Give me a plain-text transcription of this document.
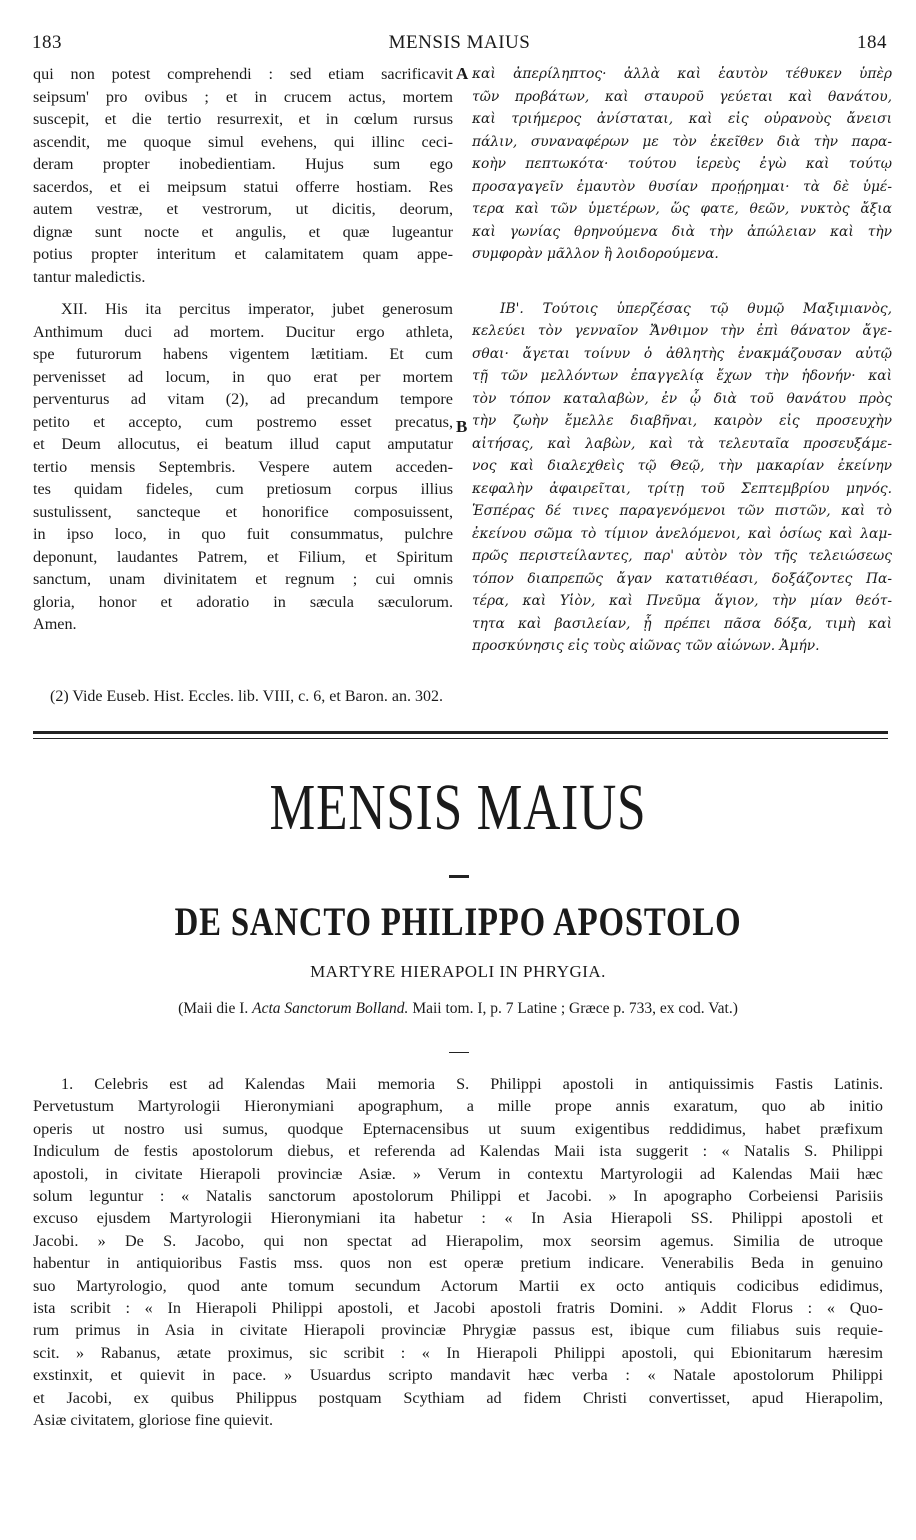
183	MENSIS MAIUS	184
qui non potest comprehendi : sed etiam sacrificavit
seipsum' pro ovibus ; et in crucem actus, mortem
suscepit, et die tertio resurrexit, et in cœlum rursus
ascendit, me quoque simul evehens, qui illinc ceci-
deram propter inobedientiam. Hujus sum ego
sacerdos, et ei meipsum statui offerre hostiam. Res
autem vestræ, et vestrorum, ut dicitis, deorum,
dignæ sunt nocte et angulis, et quæ lugeantur
potius propter interitum et calamitatem quam appe-
tantur maledictis.
XII. His ita percitus imperator, jubet generosum
Anthimum duci ad mortem. Ducitur ergo athleta,
spe futurorum habens vigentem lætitiam. Et cum
pervenisset ad locum, in quo erat per mortem
perventurus ad vitam (2), ad precandum tempore
petito et accepto, cum postremo esset precatus,
et Deum allocutus, ei beatum illud caput amputatur
tertio mensis Septembris. Vespere autem acceden-
tes quidam fideles, cum pretiosum corpus illius
sustulissent, sancteque et honorifice composuissent,
in ipso loco, in quo fuit consummatus, pulchre
deponunt, laudantes Patrem, et Filium, et Spiritum
sanctum, unam divinitatem et regnum ; cui omnis
gloria, honor et adoratio in sæcula sæculorum.
Amen.
A
B
καὶ ἀπερίληπτος· ἀλλὰ καὶ ἑαυτὸν τέθυκεν ὑπὲρ
τῶν προβάτων, καὶ σταυροῦ γεύεται καὶ θανάτου,
καὶ τριήμερος ἀνίσταται, καὶ εἰς οὐρανοὺς ἄνεισι
πάλιν, συναναφέρων με τὸν ἐκεῖθεν διὰ τὴν παρα-
κοὴν πεπτωκότα· τούτου ἱερεὺς ἐγὼ καὶ τούτῳ
προσαγαγεῖν ἐμαυτὸν θυσίαν προῄρημαι· τὰ δὲ ὑμέ-
τερα καὶ τῶν ὑμετέρων, ὥς φατε, θεῶν, νυκτὸς ἄξια
καὶ γωνίας θρηνούμενα διὰ τὴν ἀπώλειαν καὶ τὴν
συμφορὰν μᾶλλον ἢ λοιδορούμενα.
ΙΒ'. Τούτοις ὑπερζέσας τῷ θυμῷ Μαξιμιανὸς,
κελεύει τὸν γενναῖον Ἄνθιμον τὴν ἐπὶ θάνατον ἄγε-
σθαι· ἄγεται τοίνυν ὁ ἀθλητὴς ἐνακμάζουσαν αὐτῷ
τῇ τῶν μελλόντων ἐπαγγελίᾳ ἔχων τὴν ἡδονήν· καὶ
τὸν τόπον καταλαβὼν, ἐν ᾧ διὰ τοῦ θανάτου πρὸς
τὴν ζωὴν ἔμελλε διαβῆναι, καιρὸν εἰς προσευχὴν
αἰτήσας, καὶ λαβὼν, καὶ τὰ τελευταῖα προσευξάμε-
νος καὶ διαλεχθεὶς τῷ Θεῷ, τὴν μακαρίαν ἐκείνην
κεφαλὴν ἀφαιρεῖται, τρίτῃ τοῦ Σεπτεμβρίου μηνός.
Ἑσπέρας δέ τινες παραγενόμενοι τῶν πιστῶν, καὶ τὸ
ἐκείνου σῶμα τὸ τίμιον ἀνελόμενοι, καὶ ὁσίως καὶ λαμ-
πρῶς περιστείλαντες, παρ' αὐτὸν τὸν τῆς τελειώσεως
τόπον διαπρεπῶς ἄγαν κατατιθέασι, δοξάζοντες Πα-
τέρα, καὶ Υἱὸν, καὶ Πνεῦμα ἅγιον, τὴν μίαν θεότ-
τητα καὶ βασιλείαν, ᾗ πρέπει πᾶσα δόξα, τιμὴ καὶ
προσκύνησις εἰς τοὺς αἰῶνας τῶν αἰώνων. Ἀμήν.
(2) Vide Euseb. Hist. Eccles. lib. VIII, c. 6, et Baron. an. 302.
MENSIS MAIUS
DE SANCTO PHILIPPO APOSTOLO
MARTYRE HIERAPOLI IN PHRYGIA.
(Maii die I. Acta Sanctorum Bolland. Maii tom. I, p. 7 Latine ; Græce p. 733, ex cod. Vat.)
1. Celebris est ad Kalendas Maii memoria S. Philippi apostoli in antiquissimis Fastis Latinis.
Pervetustum Martyrologii Hieronymiani apographum, a mille prope annis exaratum, quo ab initio
operis ut nostro usi sumus, quodque Epternacensibus ut suum exigentibus reddidimus, habet præfixum
Indiculum de festis apostolorum diebus, et referenda ad Kalendas Maii ista suggerit : « Natalis S. Philippi
apostoli, in civitate Hierapoli provinciæ Asiæ. » Verum in contextu Martyrologii ad Kalendas Maii hæc
solum leguntur : « Natalis sanctorum apostolorum Philippi et Jacobi. » In apographo Corbeiensi Parisiis
excuso ejusdem Martyrologii Hieronymiani ita habetur : « In Asia Hierapoli SS. Philippi apostoli et
Jacobi. » De S. Jacobo, qui non spectat ad Hierapolim, mox seorsim agemus. Similia de utroque
habentur in antiquioribus Fastis mss. quos non est operæ pretium indicare. Venerabilis Beda in genuino
suo Martyrologio, quod ante tomum secundum Actorum Martii ex octo antiquis codicibus edidimus,
ista scribit : « In Hierapoli Philippi apostoli, et Jacobi apostoli fratris Domini. » Addit Florus : « Quo-
rum primus in Asia in civitate Hierapoli provinciæ Phrygiæ passus est, ibique cum filiabus suis requie-
scit. » Rabanus, ætate proximus, sic scribit : « In Hierapoli Philippi apostoli, qui Ebionitarum hæresim
exstinxit, et quievit in pace. » Usuardus scripto mandavit hæc verba : « Natale apostolorum Philippi
et Jacobi, ex quibus Philippus postquam Scythiam ad fidem Christi convertisset, apud Hierapolim,
Asiæ civitatem, gloriose fine quievit.
